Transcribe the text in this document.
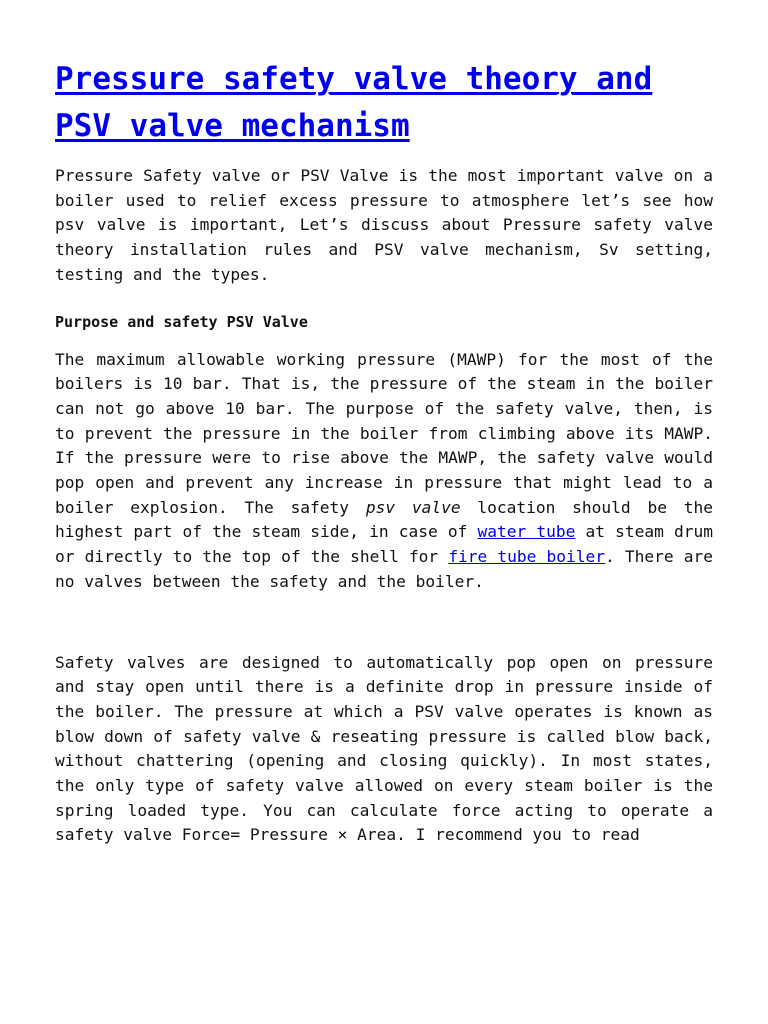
Pressure safety valve theory and PSV valve mechanism

Pressure Safety valve or PSV Valve is the most important valve on a boiler used to relief excess pressure to atmosphere let’s see how psv valve is important, Let’s discuss about Pressure safety valve theory installation rules and PSV valve mechanism, Sv setting, testing and the types.

Purpose and safety PSV Valve

The maximum allowable working pressure (MAWP) for the most of the boilers is 10 bar. That is, the pressure of the steam in the boiler can not go above 10 bar. The purpose of the safety valve, then, is to prevent the pressure in the boiler from climbing above its MAWP. If the pressure were to rise above the MAWP, the safety valve would pop open and prevent any increase in pressure that might lead to a boiler explosion. The safety psv valve location should be the highest part of the steam side, in case of water tube at steam drum or directly to the top of the shell for fire tube boiler. There are no valves between the safety and the boiler.

Safety valves are designed to automatically pop open on pressure and stay open until there is a definite drop in pressure inside of the boiler. The pressure at which a PSV valve operates is known as blow down of safety valve & reseating pressure is called blow back, without chattering (opening and closing quickly). In most states, the only type of safety valve allowed on every steam boiler is the spring loaded type. You can calculate force acting to operate a safety valve Force= Pressure × Area. I recommend you to read
